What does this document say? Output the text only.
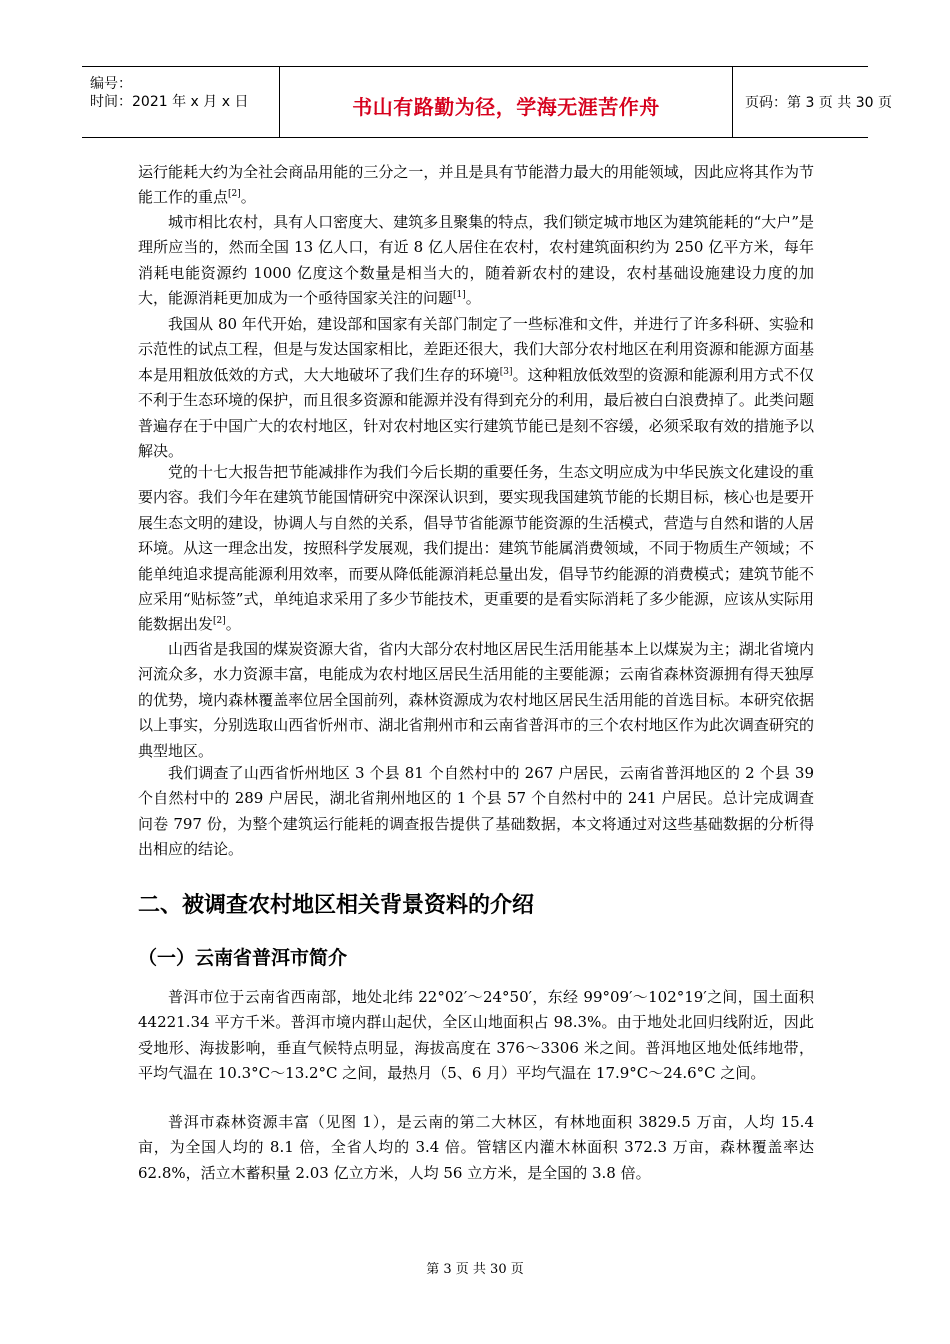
编号：
时间：2021 年 x 月 x 日	书山有路勤为径，学海无涯苦作舟	页码：第 3 页 共 30 页

运行能耗大约为全社会商品用能的三分之一，并且是具有节能潜力最大的用能领域，因此应将其作为节能工作的重点[2]。

城市相比农村，具有人口密度大、建筑多且聚集的特点，我们锁定城市地区为建筑能耗的“大户”是理所应当的，然而全国 13 亿人口，有近 8 亿人居住在农村，农村建筑面积约为 250 亿平方米，每年消耗电能资源约 1000 亿度这个数量是相当大的，随着新农村的建设，农村基础设施建设力度的加大，能源消耗更加成为一个亟待国家关注的问题[1]。

我国从 80 年代开始，建设部和国家有关部门制定了一些标准和文件，并进行了许多科研、实验和示范性的试点工程，但是与发达国家相比，差距还很大，我们大部分农村地区在利用资源和能源方面基本是用粗放低效的方式，大大地破坏了我们生存的环境[3]。这种粗放低效型的资源和能源利用方式不仅不利于生态环境的保护，而且很多资源和能源并没有得到充分的利用，最后被白白浪费掉了。此类问题普遍存在于中国广大的农村地区，针对农村地区实行建筑节能已是刻不容缓，必须采取有效的措施予以解决。

党的十七大报告把节能减排作为我们今后长期的重要任务，生态文明应成为中华民族文化建设的重要内容。我们今年在建筑节能国情研究中深深认识到，要实现我国建筑节能的长期目标，核心也是要开展生态文明的建设，协调人与自然的关系，倡导节省能源节能资源的生活模式，营造与自然和谐的人居环境。从这一理念出发，按照科学发展观，我们提出：建筑节能属消费领域，不同于物质生产领域；不能单纯追求提高能源利用效率，而要从降低能源消耗总量出发，倡导节约能源的消费模式；建筑节能不应采用“贴标签”式，单纯追求采用了多少节能技术，更重要的是看实际消耗了多少能源，应该从实际用能数据出发[2]。

山西省是我国的煤炭资源大省，省内大部分农村地区居民生活用能基本上以煤炭为主；湖北省境内河流众多，水力资源丰富，电能成为农村地区居民生活用能的主要能源；云南省森林资源拥有得天独厚的优势，境内森林覆盖率位居全国前列，森林资源成为农村地区居民生活用能的首选目标。本研究依据以上事实，分别选取山西省忻州市、湖北省荆州市和云南省普洱市的三个农村地区作为此次调查研究的典型地区。

我们调查了山西省忻州地区 3 个县 81 个自然村中的 267 户居民，云南省普洱地区的 2 个县 39 个自然村中的 289 户居民，湖北省荆州地区的 1 个县 57 个自然村中的 241 户居民。总计完成调查问卷 797 份，为整个建筑运行能耗的调查报告提供了基础数据，本文将通过对这些基础数据的分析得出相应的结论。

二、被调查农村地区相关背景资料的介绍
（一）云南省普洱市简介

普洱市位于云南省西南部，地处北纬 22°02′～24°50′，东经 99°09′～102°19′之间，国土面积 44221.34 平方千米。普洱市境内群山起伏，全区山地面积占 98.3%。由于地处北回归线附近，因此受地形、海拔影响，垂直气候特点明显，海拔高度在 376～3306 米之间。普洱地区地处低纬地带，平均气温在 10.3°C～13.2°C 之间，最热月（5、6 月）平均气温在 17.9°C～24.6°C 之间。

普洱市森林资源丰富（见图 1），是云南的第二大林区，有林地面积 3829.5 万亩，人均 15.4 亩，为全国人均的 8.1 倍，全省人均的 3.4 倍。管辖区内灌木林面积 372.3 万亩，森林覆盖率达 62.8%，活立木蓄积量 2.03 亿立方米，人均 56 立方米，是全国的 3.8 倍。

第 3 页 共 30 页
